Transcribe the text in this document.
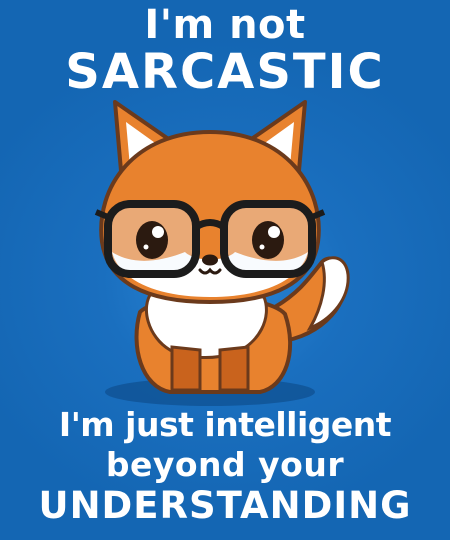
I'm not
SARCASTIC
I'm just intelligent
beyond your
UNDERSTANDING
